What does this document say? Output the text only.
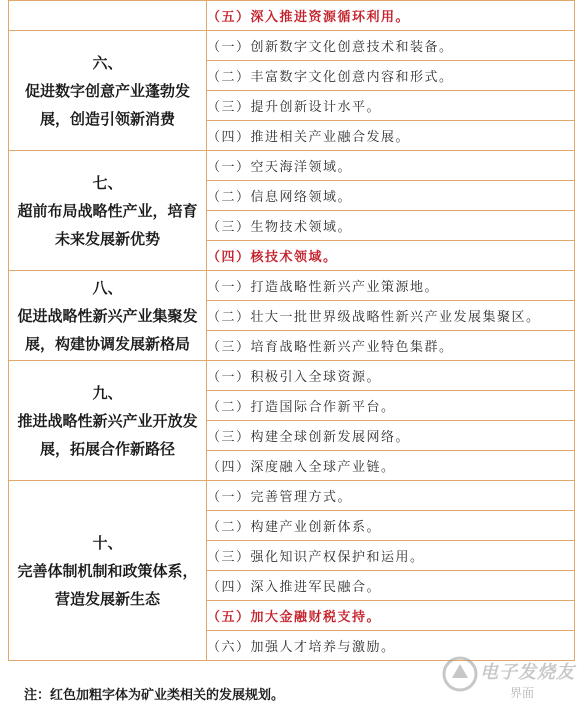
	（五）深入推进资源循环利用。

六、
促进数字创意产业蓬勃发
展，创造引领新消费	（一）创新数字文化创意技术和装备。
	（二）丰富数字文化创意内容和形式。
	（三）提升创新设计水平。
	（四）推进相关产业融合发展。

七、
超前布局战略性产业，培育
未来发展新优势	（一）空天海洋领域。
	（二）信息网络领域。
	（三）生物技术领域。
	（四）核技术领域。

八、
促进战略性新兴产业集聚发
展，构建协调发展新格局	（一）打造战略性新兴产业策源地。
	（二）壮大一批世界级战略性新兴产业发展集聚区。
	（三）培育战略性新兴产业特色集群。

九、
推进战略性新兴产业开放发
展，拓展合作新路径	（一）积极引入全球资源。
	（二）打造国际合作新平台。
	（三）构建全球创新发展网络。
	（四）深度融入全球产业链。

十、
完善体制机制和政策体系，
营造发展新生态	（一）完善管理方式。
	（二）构建产业创新体系。
	（三）强化知识产权保护和运用。
	（四）深入推进军民融合。
	（五）加大金融财税支持。
	（六）加强人才培养与激励。
注：红色加粗字体为矿业类相关的发展规划。
电子发烧友
界面
